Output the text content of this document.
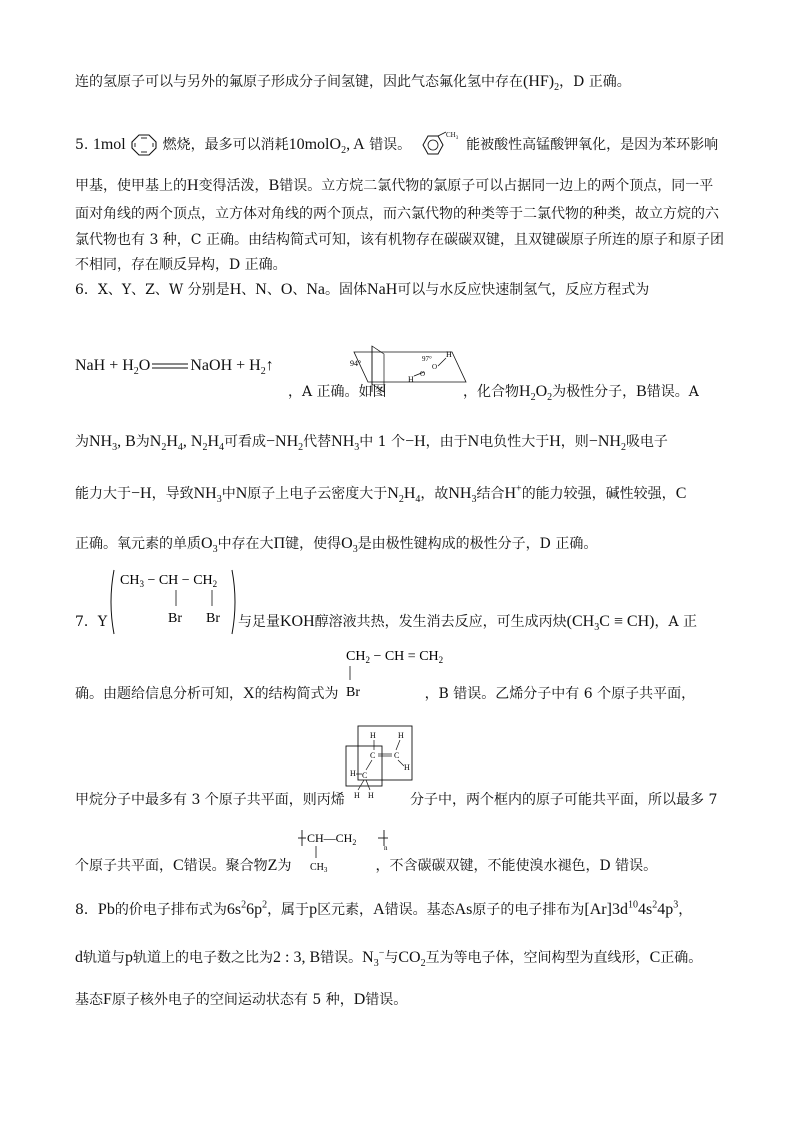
连的氢原子可以与另外的氟原子形成分子间氢键，因此气态氟化氢中存在$(HF)_2$，D 正确。
5. 1mol	燃烧，最多可以消耗10molO$_2$, A 错误。
$CH_3$ 能被酸性高锰酸钾氧化，是因为苯环影响
甲基，使甲基上的H变得活泼，B错误。立方烷二氯代物的氯原子可以占据同一边上的两个顶点，同一平
面对角线的两个顶点，立方体对角线的两个顶点，而六氯代物的种类等于二氯代物的种类，故立方烷的六
氯代物也有 3 种，C 正确。由结构简式可知，该有机物存在碳碳双键，且双键碳原子所连的原子和原子团
不相同，存在顺反异构，D 正确。
6．X、Y、Z、W 分别是H、N、O、Na。固体NaH可以与水反应快速制氢气，反应方程式为
NaH + $H_2O$	NaOH + $H_2↑$	94°	97° H
H
O
O
，A 正确。如图	，化合物$H_2O_2$为极性分子，B错误。A
为$NH_3$, B为$N_2H_4$, $N_2H_4$可看成$-NH_2$代替$NH_3$中 1 个−H，由于N电负性大于H，则$-NH_2$吸电子
能力大于−H，导致$NH_3$中N原子上电子云密度大于$N_2H_4$，故$NH_3$结合H+的能力较强，碱性较强，C
正确。氧元素的单质$O_3$中存在大Π键，使得$O_3$是由极性键构成的极性分子，D 正确。
$CH_3$ − CH − $CH_2$
Br Br
7．Y	与足量KOH醇溶液共热，发生消去反应，可生成丙炔$(CH_3C \equiv CH)$，A 正
$CH_2$ − CH = $CH_2$
Br
确。由题给信息分析可知，X的结构简式为	，B 错误。乙烯分子中有 6 个原子共平面，
H	H
C C
H
H C
H H
甲烷分子中最多有 3 个原子共平面，则丙烯	分子中，两个框内的原子可能共平面，所以最多 7
$CH—CH_2$
n
$CH_3$
个原子共平面，C错误。聚合物Z为	，不含碳碳双键，不能使溴水褪色，D 错误。
8．Pb的价电子排布式为$6s^26p^2$，属于p区元素，A错误。基态As原子的电子排布为$[Ar]3d^{10}4s^24p^3$，
d轨道与p轨道上的电子数之比为2 : 3, B错误。$N_3^-$与$CO_2$互为等电子体，空间构型为直线形，C正确。
基态F原子核外电子的空间运动状态有 5 种，D错误。
